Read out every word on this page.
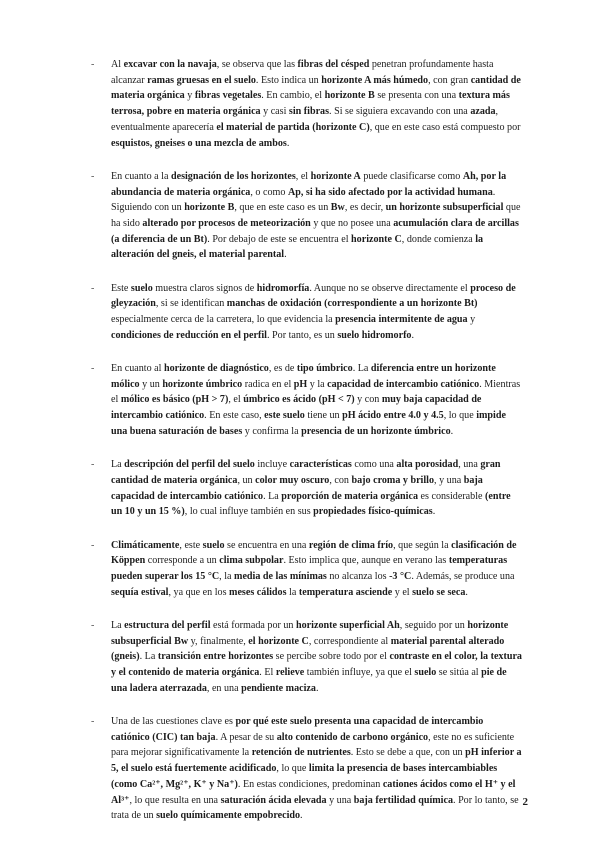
- Al excavar con la navaja, se observa que las fibras del césped penetran profundamente hasta alcanzar ramas gruesas en el suelo. Esto indica un horizonte A más húmedo, con gran cantidad de materia orgánica y fibras vegetales. En cambio, el horizonte B se presenta con una textura más terrosa, pobre en materia orgánica y casi sin fibras. Si se siguiera excavando con una azada, eventualmente aparecería el material de partida (horizonte C), que en este caso está compuesto por esquistos, gneises o una mezcla de ambos.
- En cuanto a la designación de los horizontes, el horizonte A puede clasificarse como Ah, por la abundancia de materia orgánica, o como Ap, si ha sido afectado por la actividad humana. Siguiendo con un horizonte B, que en este caso es un Bw, es decir, un horizonte subsuperficial que ha sido alterado por procesos de meteorización y que no posee una acumulación clara de arcillas (a diferencia de un Bt). Por debajo de este se encuentra el horizonte C, donde comienza la alteración del gneis, el material parental.
- Este suelo muestra claros signos de hidromorfía. Aunque no se observe directamente el proceso de gleyzación, si se identifican manchas de oxidación (correspondiente a un horizonte Bt) especialmente cerca de la carretera, lo que evidencia la presencia intermitente de agua y condiciones de reducción en el perfil. Por tanto, es un suelo hidromorfo.
- En cuanto al horizonte de diagnóstico, es de tipo úmbrico. La diferencia entre un horizonte mólico y un horizonte úmbrico radica en el pH y la capacidad de intercambio catiónico. Mientras el mólico es básico (pH > 7), el úmbrico es ácido (pH < 7) y con muy baja capacidad de intercambio catiónico. En este caso, este suelo tiene un pH ácido entre 4.0 y 4.5, lo que impide una buena saturación de bases y confirma la presencia de un horizonte úmbrico.
- La descripción del perfil del suelo incluye características como una alta porosidad, una gran cantidad de materia orgánica, un color muy oscuro, con bajo croma y brillo, y una baja capacidad de intercambio catiónico. La proporción de materia orgánica es considerable (entre un 10 y un 15 %), lo cual influye también en sus propiedades físico-químicas.
- Climáticamente, este suelo se encuentra en una región de clima frío, que según la clasificación de Köppen corresponde a un clima subpolar. Esto implica que, aunque en verano las temperaturas pueden superar los 15 °C, la media de las mínimas no alcanza los -3 °C. Además, se produce una sequía estival, ya que en los meses cálidos la temperatura asciende y el suelo se seca.
- La estructura del perfil está formada por un horizonte superficial Ah, seguido por un horizonte subsuperficial Bw y, finalmente, el horizonte C, correspondiente al material parental alterado (gneis). La transición entre horizontes se percibe sobre todo por el contraste en el color, la textura y el contenido de materia orgánica. El relieve también influye, ya que el suelo se sitúa al pie de una ladera aterrazada, en una pendiente maciza.
- Una de las cuestiones clave es por qué este suelo presenta una capacidad de intercambio catiónico (CIC) tan baja. A pesar de su alto contenido de carbono orgánico, este no es suficiente para mejorar significativamente la retención de nutrientes. Esto se debe a que, con un pH inferior a 5, el suelo está fuertemente acidificado, lo que limita la presencia de bases intercambiables (como Ca²⁺, Mg²⁺, K⁺ y Na⁺). En estas condiciones, predominan cationes ácidos como el H⁺ y el Al³⁺, lo que resulta en una saturación ácida elevada y una baja fertilidad química. Por lo tanto, se trata de un suelo químicamente empobrecido.
2
